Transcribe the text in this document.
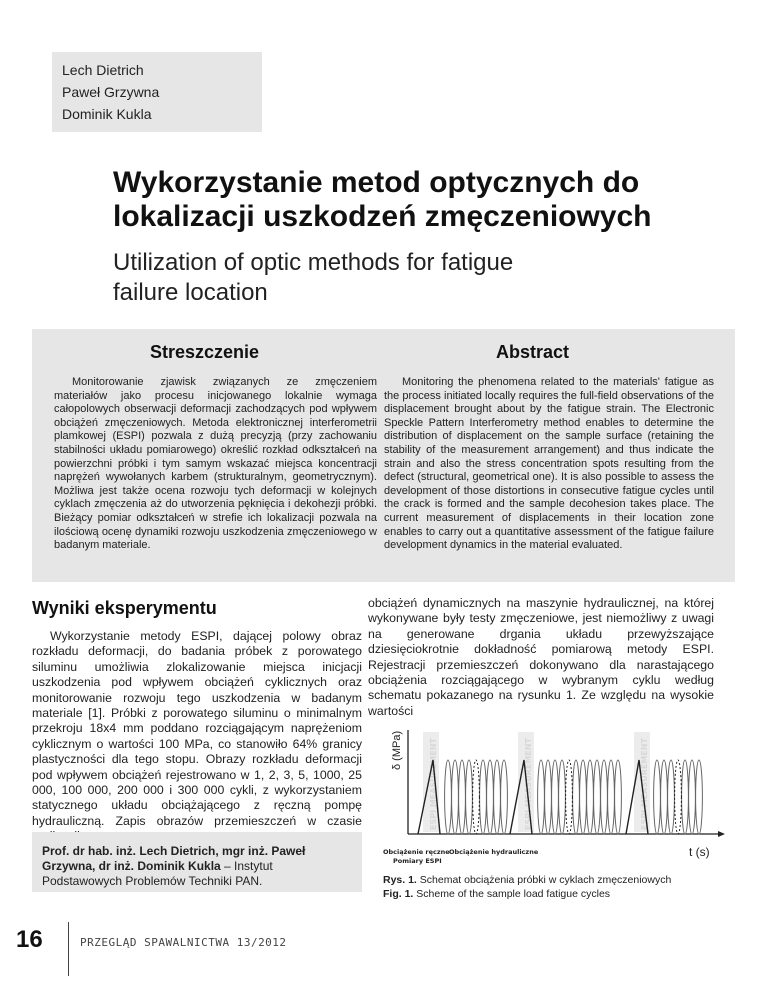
Lech Dietrich
Paweł Grzywna
Dominik Kukla
Wykorzystanie metod optycznych do
lokalizacji uszkodzeń zmęczeniowych
Utilization of optic methods for fatigue
failure location
Streszczenie	Abstract
Monitorowanie zjawisk związanych ze zmęczeniem materiałów jako procesu inicjowanego lokalnie wymaga całopolowych obserwacji deformacji zachodzących pod wpływem obciążeń zmęczeniowych. Metoda elektronicznej interferometrii plamkowej (ESPI) pozwala z dużą precyzją (przy zachowaniu stabilności układu pomiarowego) określić rozkład odkształceń na powierzchni próbki i tym samym wskazać miejsca koncentracji naprężeń wywołanych karbem (strukturalnym, geometrycznym). Możliwa jest także ocena rozwoju tych deformacji w kolejnych cyklach zmęczenia aż do utworzenia pęknięcia i dekohezji próbki. Bieżący pomiar odkształceń w strefie ich lokalizacji pozwala na ilościową ocenę dynamiki rozwoju uszkodzenia zmęczeniowego w badanym materiale.
Monitoring the phenomena related to the materials' fatigue as the process initiated locally requires the full-field observations of the displacement brought about by the fatigue strain. The Electronic Speckle Pattern Interferometry method enables to determine the distribution of displacement on the sample surface (retaining the stability of the measurement arrangement) and thus indicate the strain and also the stress concentration spots resulting from the defect (structural, geometrical one). It is also possible to assess the development of those distortions in consecutive fatigue cycles until the crack is formed and the sample decohesion takes place. The current measurement of displacements in their location zone enables to carry out a quantitative assessment of the fatigue failure development dynamics in the material evaluated.
Wyniki eksperymentu
Wykorzystanie metody ESPI, dającej polowy obraz rozkładu deformacji, do badania próbek z porowatego siluminu umożliwia zlokalizowanie miejsca inicjacji uszkodzenia pod wpływem obciążeń cyklicznych oraz monitorowanie rozwoju tego uszkodzenia w badanym materiale [1]. Próbki z porowatego siluminu o minimalnym przekroju 18x4 mm poddano rozciągającym naprężeniom cyklicznym o wartości 100 MPa, co stanowiło 64% granicy plastyczności dla tego stopu. Obrazy rozkładu deformacji pod wpływem obciążeń rejestrowano w 1, 2, 3, 5, 1000, 25 000, 100 000, 200 000 i 300 000 cykli, z wykorzystaniem statycznego układu obciążającego z ręczną pompę hydrauliczną. Zapis obrazów przemieszczeń w czasie
obciążeń dynamicznych na maszynie hydraulicznej, na której wykonywane były testy zmęczeniowe, jest niemożliwy z uwagi na generowane drgania układu przewyższające dziesięciokrotnie dokładność pomiarową metody ESPI. Rejestracji przemieszczeń dokonywano dla narastającego obciążenia rozciągającego w wybranym cyklu według schematu pokazanego na rysunku 1. Ze względu na wysokie wartości
Prof. dr hab. inż. Lech Dietrich, mgr inż. Paweł Grzywna, dr inż. Dominik Kukla – Instytut Podstawowych Problemów Techniki PAN.
ESPI MEASUREMENT	ESPI MEASUREMENT	ESPI MEASUREMENT
δ (MPa)
t (s)
Obciążenie ręczne Obciążenie hydrauliczne
Pomiary ESPI
Rys. 1. Schemat obciążenia próbki w cyklach zmęczeniowych
Fig. 1. Scheme of the sample load fatigue cycles
16	PRZEGLĄD SPAWALNICTWA 13/2012
